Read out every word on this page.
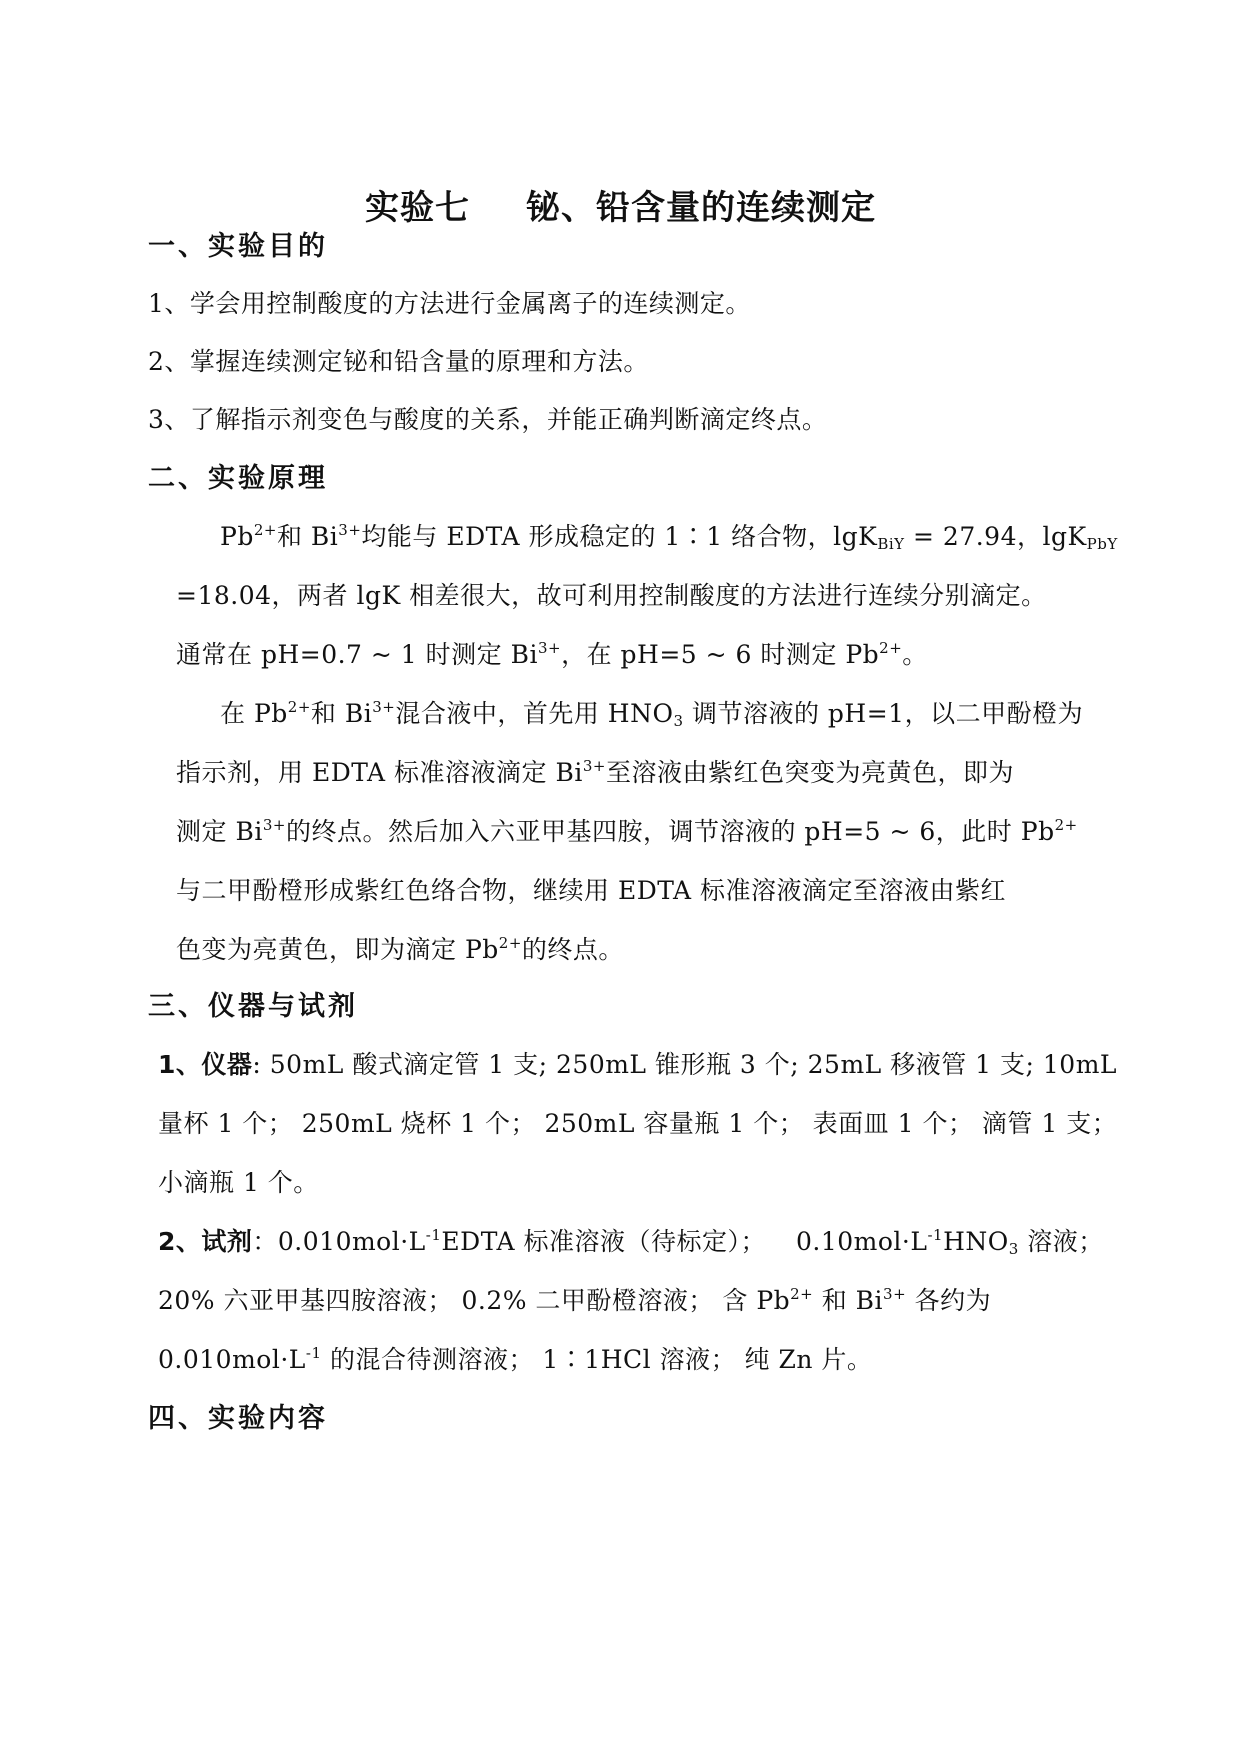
实验七 铋、铅含量的连续测定
一、实验目的
1、学会用控制酸度的方法进行金属离子的连续测定。
2、掌握连续测定铋和铅含量的原理和方法。
3、了解指示剂变色与酸度的关系，并能正确判断滴定终点。
二、实验原理
$Pb^{2+}$和 $Bi^{3+}$均能与 EDTA 形成稳定的 1∶1 络合物，lgK$_{BiY}$ = 27.94，lgK$_{PbY}$
=18.04，两者 lgK 相差很大，故可利用控制酸度的方法进行连续分别滴定。
通常在 pH=0.7 ~ 1 时测定 $Bi^{3+}$，在 pH=5 ~ 6 时测定 $Pb^{2+}$。
在 $Pb^{2+}$和 $Bi^{3+}$混合液中，首先用 $HNO_3$ 调节溶液的 pH=1，以二甲酚橙为
指示剂，用 EDTA 标准溶液滴定 $Bi^{3+}$至溶液由紫红色突变为亮黄色，即为
测定 $Bi^{3+}$的终点。然后加入六亚甲基四胺，调节溶液的 pH=5 ~ 6，此时 $Pb^{2+}$
与二甲酚橙形成紫红色络合物，继续用 EDTA 标准溶液滴定至溶液由紫红
色变为亮黄色，即为滴定 $Pb^{2+}$的终点。
三、仪器与试剂
1、仪器: 50mL 酸式滴定管 1 支; 250mL 锥形瓶 3 个; 25mL 移液管 1 支; 10mL
量杯 1 个； 250mL 烧杯 1 个； 250mL 容量瓶 1 个； 表面皿 1 个； 滴管 1 支；
小滴瓶 1 个。
2、试剂：$0.010mol\cdot L^{-1}EDTA$ 标准溶液（待标定）； $0.10mol\cdot L^{-1}HNO_3$ 溶液；
20% 六亚甲基四胺溶液； 0.2% 二甲酚橙溶液； 含 $Pb^{2+}$ 和 $Bi^{3+}$ 各约为
$0.010mol\cdot L^{-1}$ 的混合待测溶液； 1∶1HCl 溶液； 纯 Zn 片。
四、实验内容
